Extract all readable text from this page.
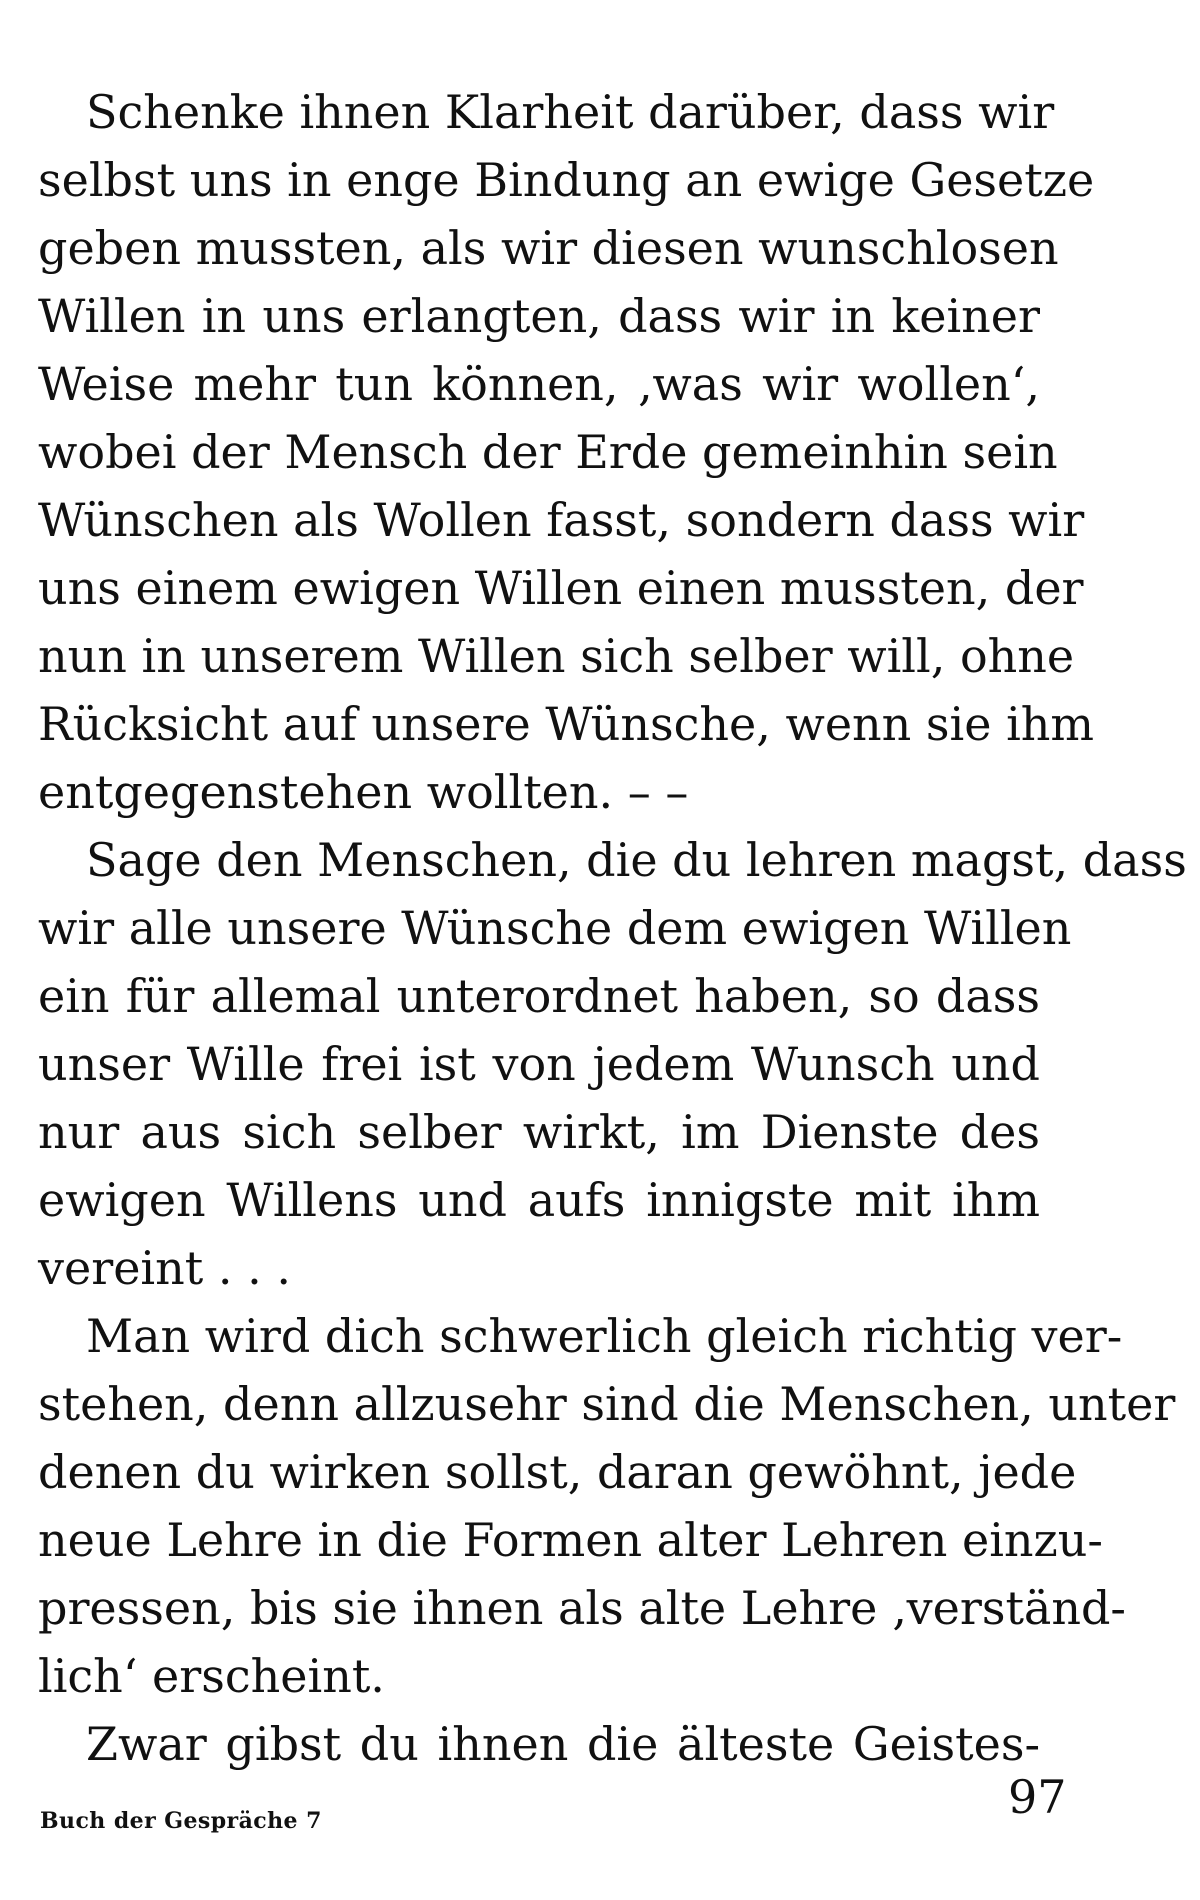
Schenke ihnen Klarheit darüber, dass wir
selbst uns in enge Bindung an ewige Gesetze
geben mussten, als wir diesen wunschlosen
Willen in uns erlangten, dass wir in keiner
Weise mehr tun können, ‚was wir wollen‘,
wobei der Mensch der Erde gemeinhin sein
Wünschen als Wollen fasst, sondern dass wir
uns einem ewigen Willen einen mussten, der
nun in unserem Willen sich selber will, ohne
Rücksicht auf unsere Wünsche, wenn sie ihm
entgegenstehen wollten. – –
Sage den Menschen, die du lehren magst, dass
wir alle unsere Wünsche dem ewigen Willen
ein für allemal unterordnet haben, so dass
unser Wille frei ist von jedem Wunsch und
nur aus sich selber wirkt, im Dienste des
ewigen Willens und aufs innigste mit ihm
vereint . . .
Man wird dich schwerlich gleich richtig ver-
stehen, denn allzusehr sind die Menschen, unter
denen du wirken sollst, daran gewöhnt, jede
neue Lehre in die Formen alter Lehren einzu-
pressen, bis sie ihnen als alte Lehre ‚verständ-
lich‘ erscheint.
Zwar gibst du ihnen die älteste Geistes-
Buch der Gespräche 7	97
